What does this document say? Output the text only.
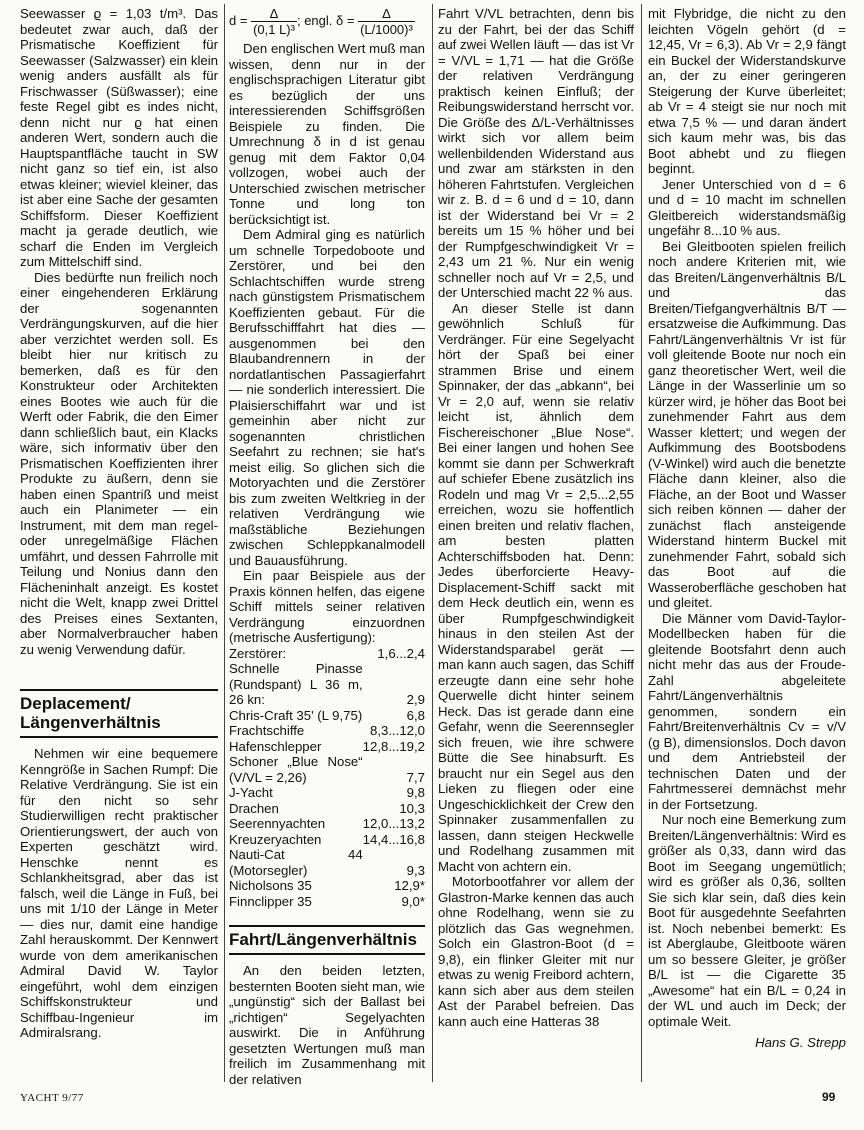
Seewasser ϱ = 1,03 t/m³. Das bedeutet zwar auch, daß der Prismatische Koeffizient für Seewasser (Salzwasser) ein klein wenig anders ausfällt als für Frischwasser (Süßwasser); eine feste Regel gibt es indes nicht, denn nicht nur ϱ hat einen anderen Wert, sondern auch die Hauptspantfläche taucht in SW nicht ganz so tief ein, ist also etwas kleiner; wieviel kleiner, das ist aber eine Sache der gesamten Schiffsform. Dieser Koeffizient macht ja gerade deutlich, wie scharf die Enden im Vergleich zum Mittelschiff sind.

Dies bedürfte nun freilich noch einer eingehenderen Erklärung der sogenannten Verdrängungskurven, auf die hier aber verzichtet werden soll. Es bleibt hier nur kritisch zu bemerken, daß es für den Konstrukteur oder Architekten eines Bootes wie auch für die Werft oder Fabrik, die den Eimer dann schließlich baut, ein Klacks wäre, sich informativ über den Prismatischen Koeffizienten ihrer Produkte zu äußern, denn sie haben einen Spantriß und meist auch ein Planimeter — ein Instrument, mit dem man regel- oder unregelmäßige Flächen umfährt, und dessen Fahrrolle mit Teilung und Nonius dann den Flächeninhalt anzeigt. Es kostet nicht die Welt, knapp zwei Drittel des Preises eines Sextanten, aber Normalverbraucher haben zu wenig Verwendung dafür.

Deplacement/ Längenverhältnis

Nehmen wir eine bequemere Kenngröße in Sachen Rumpf: Die Relative Verdrängung. Sie ist ein für den nicht so sehr Studierwilligen recht praktischer Orientierungswert, der auch von Experten geschätzt wird. Henschke nennt es Schlankheitsgrad, aber das ist falsch, weil die Länge in Fuß, bei uns mit 1/10 der Länge in Meter — dies nur, damit eine handige Zahl herauskommt. Der Kennwert wurde von dem amerikanischen Admiral David W. Taylor eingeführt, wohl dem einzigen Schiffskonstrukteur und Schiffbau-Ingenieur im Admiralsrang.

$d = \frac{\Delta}{\text{(0,1 L)³}}$ ; engl. $\delta = \frac{\Delta}{\text{(L/1000)³}}$

Den englischen Wert muß man wissen, denn nur in der englischsprachigen Literatur gibt es bezüglich der uns interessierenden Schiffsgrößen Beispiele zu finden. Die Umrechnung δ in d ist genau genug mit dem Faktor 0,04 vollzogen, wobei auch der Unterschied zwischen metrischer Tonne und long ton berücksichtigt ist.

Dem Admiral ging es natürlich um schnelle Torpedoboote und Zerstörer, und bei den Schlachtschiffen wurde streng nach günstigstem Prismatischem Koeffizienten gebaut. Für die Berufsschifffahrt hat dies — ausgenommen bei den Blaubandrennern in der nordatlantischen Passagierfahrt — nie sonderlich interessiert. Die Plaisierschiffahrt war und ist gemeinhin aber nicht zur sogenannten christlichen Seefahrt zu rechnen; sie hat's meist eilig. So glichen sich die Motoryachten und die Zerstörer bis zum zweiten Weltkrieg in der relativen Verdrängung wie maßstäbliche Beziehungen zwischen Schleppkanalmodell und Bauausführung.

Ein paar Beispiele aus der Praxis können helfen, das eigene Schiff mittels seiner relativen Verdrängung einzuordnen (metrische Ausfertigung):

Zerstörer:	1,6...2,4
Schnelle Pinasse (Rundspant) L 36 m, 26 kn:	2,9
Chris-Craft 35' (L 9,75)	6,8
Frachtschiffe	8,3...12,0
Hafenschlepper	12,8...19,2
Schoner „Blue Nose“ (V/VL = 2,26)	7,7
J-Yacht	9,8
Drachen	10,3
Seerennyachten	12,0...13,2
Kreuzeryachten	14,4...16,8
Nauti-Cat 44 (Motorsegler)	9,3
Nicholsons 35	12,9*
Finnclipper 35	9,0*
Fahrt/Längenverhältnis

An den beiden letzten, besternten Booten sieht man, wie „ungünstig“ sich der Ballast bei „richtigen“ Segelyachten auswirkt. Die in Anführung gesetzten Wertungen muß man freilich im Zusammenhang mit der relativen

Fahrt V/VL betrachten, denn bis zu der Fahrt, bei der das Schiff auf zwei Wellen läuft — das ist Vr = V/VL = 1,71 — hat die Größe der relativen Verdrängung praktisch keinen Einfluß; der Reibungswiderstand herrscht vor. Die Größe des Δ/L-Verhältnisses wirkt sich vor allem beim wellenbildenden Widerstand aus und zwar am stärksten in den höheren Fahrtstufen. Vergleichen wir z. B. d = 6 und d = 10, dann ist der Widerstand bei Vr = 2 bereits um 15 % höher und bei der Rumpfgeschwindigkeit Vr = 2,43 um 21 %. Nur ein wenig schneller noch auf Vr = 2,5, und der Unterschied macht 22 % aus.

An dieser Stelle ist dann gewöhnlich Schluß für Verdränger. Für eine Segelyacht hört der Spaß bei einer strammen Brise und einem Spinnaker, der das „abkann“, bei Vr = 2,0 auf, wenn sie relativ leicht ist, ähnlich dem Fischereischoner „Blue Nose“. Bei einer langen und hohen See kommt sie dann per Schwerkraft auf schiefer Ebene zusätzlich ins Rodeln und mag Vr = 2,5...2,55 erreichen, wozu sie hoffentlich einen breiten und relativ flachen, am besten platten Achterschiffsboden hat. Denn: Jedes überforcierte Heavy-Displacement-Schiff sackt mit dem Heck deutlich ein, wenn es über Rumpfgeschwindigkeit hinaus in den steilen Ast der Widerstandsparabel gerät — man kann auch sagen, das Schiff erzeugte dann eine sehr hohe Querwelle dicht hinter seinem Heck. Das ist gerade dann eine Gefahr, wenn die Seerennsegler sich freuen, wie ihre schwere Bütte die See hinabsurft. Es braucht nur ein Segel aus den Lieken zu fliegen oder eine Ungeschicklichkeit der Crew den Spinnaker zusammenfallen zu lassen, dann steigen Heckwelle und Rodelhang zusammen mit Macht von achtern ein.

Motorbootfahrer vor allem der Glastron-Marke kennen das auch ohne Rodelhang, wenn sie zu plötzlich das Gas wegnehmen. Solch ein Glastron-Boot (d = 9,8), ein flinker Gleiter mit nur etwas zu wenig Freibord achtern, kann sich aber aus dem steilen Ast der Parabel befreien. Das kann auch eine Hatteras 38

mit Flybridge, die nicht zu den leichten Vögeln gehört (d = 12,45, Vr = 6,3). Ab Vr = 2,9 fängt ein Buckel der Widerstandskurve an, der zu einer geringeren Steigerung der Kurve überleitet; ab Vr = 4 steigt sie nur noch mit etwa 7,5 % — und daran ändert sich kaum mehr was, bis das Boot abhebt und zu fliegen beginnt.

Jener Unterschied von d = 6 und d = 10 macht im schnellen Gleitbereich widerstandsmäßig ungefähr 8...10 % aus.

Bei Gleitbooten spielen freilich noch andere Kriterien mit, wie das Breiten/Längenverhältnis B/L und das Breiten/Tiefgangverhältnis B/T — ersatzweise die Aufkimmung. Das Fahrt/Längenverhältnis Vr ist für voll gleitende Boote nur noch ein ganz theoretischer Wert, weil die Länge in der Wasserlinie um so kürzer wird, je höher das Boot bei zunehmender Fahrt aus dem Wasser klettert; und wegen der Aufkimmung des Bootsbodens (V-Winkel) wird auch die benetzte Fläche dann kleiner, also die Fläche, an der Boot und Wasser sich reiben können — daher der zunächst flach ansteigende Widerstand hinterm Buckel mit zunehmender Fahrt, sobald sich das Boot auf die Wasseroberfläche geschoben hat und gleitet.

Die Männer vom David-Taylor-Modellbecken haben für die gleitende Bootsfahrt denn auch nicht mehr das aus der Froude-Zahl abgeleitete Fahrt/Längenverhältnis genommen, sondern ein Fahrt/Breitenverhältnis Cv = v/V (g B), dimensionslos. Doch davon und dem Antriebsteil der technischen Daten und der Fahrtmesserei demnächst mehr in der Fortsetzung.

Nur noch eine Bemerkung zum Breiten/Längenverhältnis: Wird es größer als 0,33, dann wird das Boot im Seegang ungemütlich; wird es größer als 0,36, sollten Sie sich klar sein, daß dies kein Boot für ausgedehnte Seefahrten ist. Noch nebenbei bemerkt: Es ist Aberglaube, Gleitboote wären um so bessere Gleiter, je größer B/L ist — die Cigarette 35 „Awesome“ hat ein B/L = 0,24 in der WL und auch im Deck; der optimale Weit.

Hans G. Strepp
YACHT 9/77	99
